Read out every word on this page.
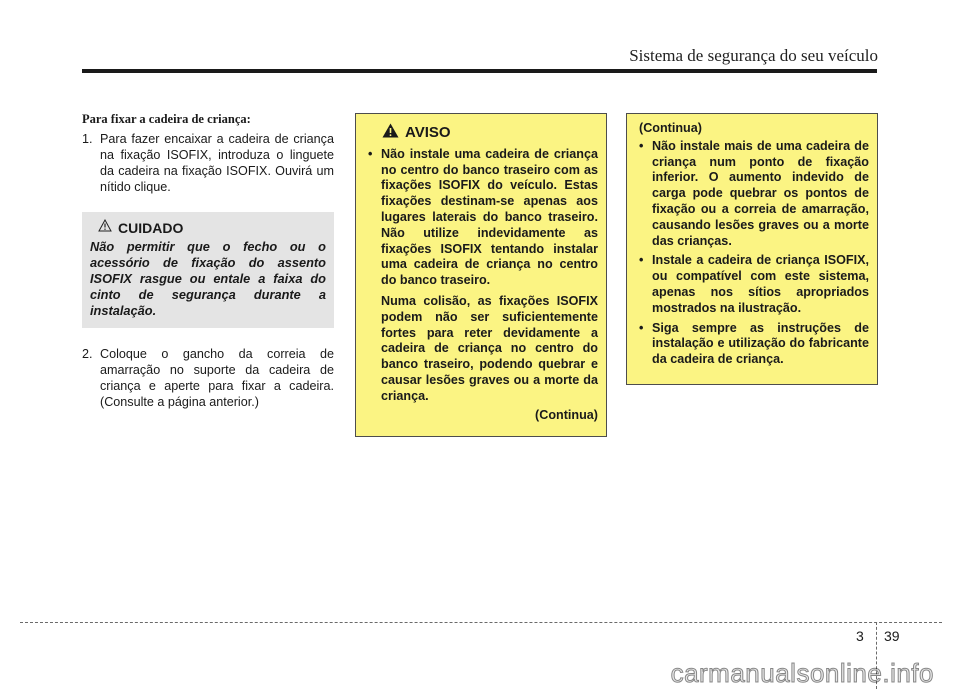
Sistema de segurança do seu veículo
Para fixar a cadeira de criança:
1. Para fazer encaixar a cadeira de criança na fixação ISOFIX, introduza o linguete da cadeira na fixação ISOFIX. Ouvirá um nítido clique.
CUIDADO
Não permitir que o fecho ou o acessório de fixação do assento ISOFIX rasgue ou entale a faixa do cinto de segurança durante a instalação.
2. Coloque o gancho da correia de amarração no suporte da cadeira de criança e aperte para fixar a cadeira. (Consulte a página anterior.)
AVISO
• Não instale uma cadeira de criança no centro do banco traseiro com as fixações ISOFIX do veículo. Estas fixações destinam-se apenas aos lugares laterais do banco traseiro. Não utilize indevidamente as fixações ISOFIX tentando instalar uma cadeira de criança no centro do banco traseiro.
Numa colisão, as fixações ISOFIX podem não ser suficientemente fortes para reter devidamente a cadeira de criança no centro do banco traseiro, podendo quebrar e causar lesões graves ou a morte da criança.
(Continua)
(Continua)
• Não instale mais de uma cadeira de criança num ponto de fixação inferior. O aumento indevido de carga pode quebrar os pontos de fixação ou a correia de amarração, causando lesões graves ou a morte das crianças.
• Instale a cadeira de criança ISOFIX, ou compatível com este sistema, apenas nos sítios apropriados mostrados na ilustração.
• Siga sempre as instruções de instalação e utilização do fabricante da cadeira de criança.
3 39
carmanualsonline.info
